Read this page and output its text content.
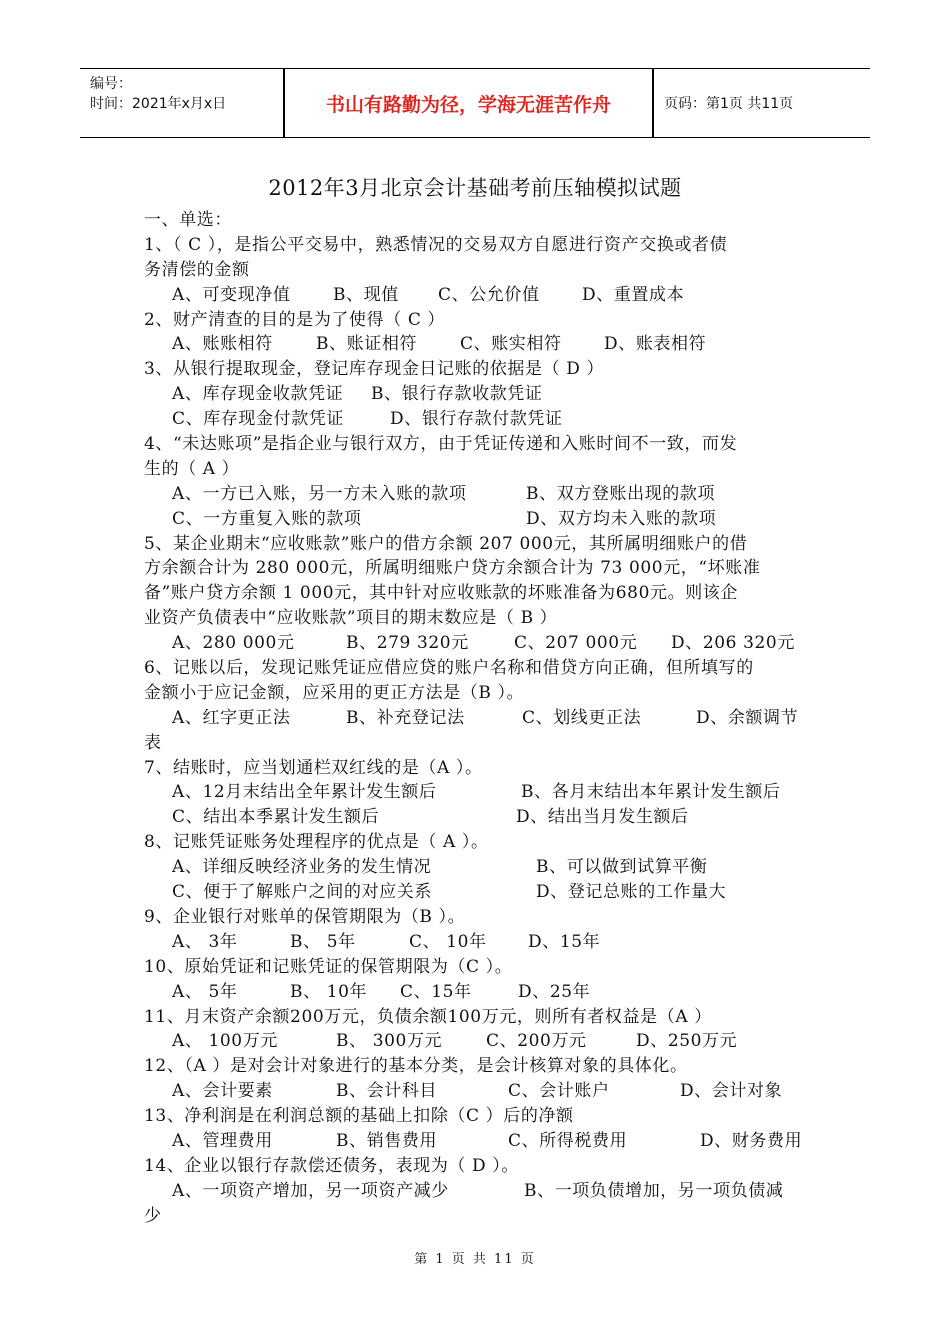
编号：
时间：2021年x月x日	书山有路勤为径，学海无涯苦作舟	页码：第1页 共11页
2012年3月北京会计基础考前压轴模拟试题
一、单选：
1、（ C ），是指公平交易中，熟悉情况的交易双方自愿进行资产交换或者债
务清偿的金额
A、可变现净值	B、现值 C、公允价值 D、重置成本
2、财产清查的目的是为了使得（ C ）
A、账账相符	B、账证相符	C、账实相符 D、账表相符
3、从银行提取现金，登记库存现金日记账的依据是（ D ）
A、库存现金收款凭证 B、银行存款收款凭证
C、库存现金付款凭证	D、银行存款付款凭证
4、“未达账项”是指企业与银行双方，由于凭证传递和入账时间不一致，而发
生的（ A ）
A、一方已入账，另一方未入账的款项	B、双方登账出现的款项
C、一方重复入账的款项	D、双方均未入账的款项
5、某企业期末“应收账款”账户的借方余额 207 000元，其所属明细账户的借
方余额合计为 280 000元，所属明细账户贷方余额合计为 73 000元，“坏账准
备”账户贷方余额 1 000元，其中针对应收账款的坏账准备为680元。则该企
业资产负债表中“应收账款”项目的期末数应是（ B ）
A、280 000元	B、279 320元	C、207 000元 D、206 320元
6、记账以后，发现记账凭证应借应贷的账户名称和借贷方向正确，但所填写的
金额小于应记金额，应采用的更正方法是（B ）。
A、红字更正法	B、补充登记法	C、划线更正法	D、余额调节
表
7、结账时，应当划通栏双红线的是（A ）。
A、12月末结出全年累计发生额后	B、各月末结出本年累计发生额后
C、结出本季累计发生额后	D、结出当月发生额后
8、记账凭证账务处理程序的优点是（ A ）。
A、详细反映经济业务的发生情况	B、可以做到试算平衡
C、便于了解账户之间的对应关系	D、登记总账的工作量大
9、企业银行对账单的保管期限为（B ）。
A、 3年	B、 5年	C、 10年 D、15年
10、原始凭证和记账凭证的保管期限为（C ）。
A、 5年	B、 10年 C、15年	D、25年
11、月末资产余额200万元，负债余额100万元，则所有者权益是（A ）
A、 100万元	B、 300万元	C、200万元	D、250万元
12、（A ）是对会计对象进行的基本分类，是会计核算对象的具体化。
A、会计要素	B、会计科目	C、会计账户	D、会计对象
13、净利润是在利润总额的基础上扣除（C ）后的净额
A、管理费用	B、销售费用	C、所得税费用	D、财务费用
14、企业以银行存款偿还债务，表现为（ D ）。
A、一项资产增加，另一项资产减少	B、一项负债增加，另一项负债减
少
第 1 页 共 11 页
